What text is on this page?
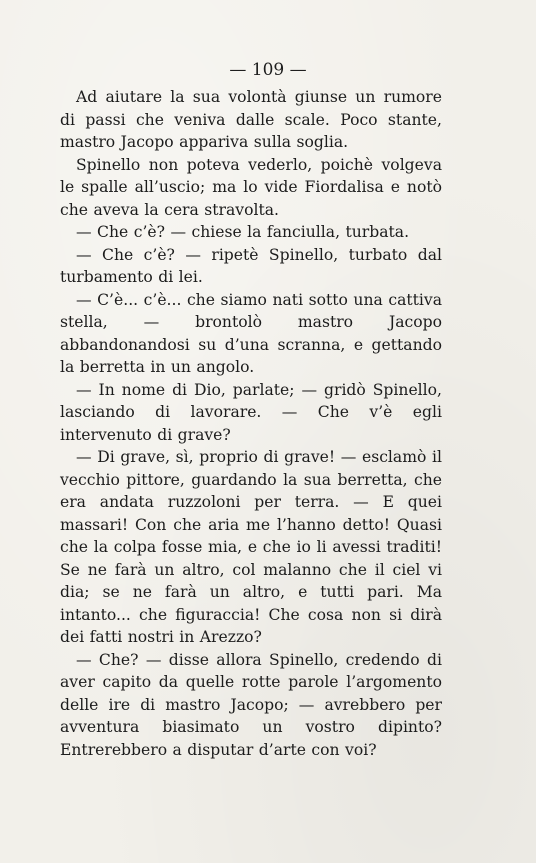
— 109 —

Ad aiutare la sua volontà giunse un rumore di passi che veniva dalle scale. Poco stante, mastro Jacopo appariva sulla soglia.

Spinello non poteva vederlo, poichè volgeva le spalle all’uscio; ma lo vide Fiordalisa e notò che aveva la cera stravolta.

— Che c’è? — chiese la fanciulla, turbata.

— Che c’è? — ripetè Spinello, turbato dal turbamento di lei.

— C’è... c’è... che siamo nati sotto una cattiva stella, — brontolò mastro Jacopo abbandonandosi su d’una scranna, e gettando la berretta in un angolo.

— In nome di Dio, parlate; — gridò Spinello, lasciando di lavorare. — Che v’è egli intervenuto di grave?

— Di grave, sì, proprio di grave! — esclamò il vecchio pittore, guardando la sua berretta, che era andata ruzzoloni per terra. — E quei massari! Con che aria me l’hanno detto! Quasi che la colpa fosse mia, e che io li avessi traditi! Se ne farà un altro, col malanno che il ciel vi dia; se ne farà un altro, e tutti pari. Ma intanto... che figuraccia! Che cosa non si dirà dei fatti nostri in Arezzo?

— Che? — disse allora Spinello, credendo di aver capito da quelle rotte parole l’argomento delle ire di mastro Jacopo; — avrebbero per avventura biasimato un vostro dipinto? Entrerebbero a disputar d’arte con voi?
